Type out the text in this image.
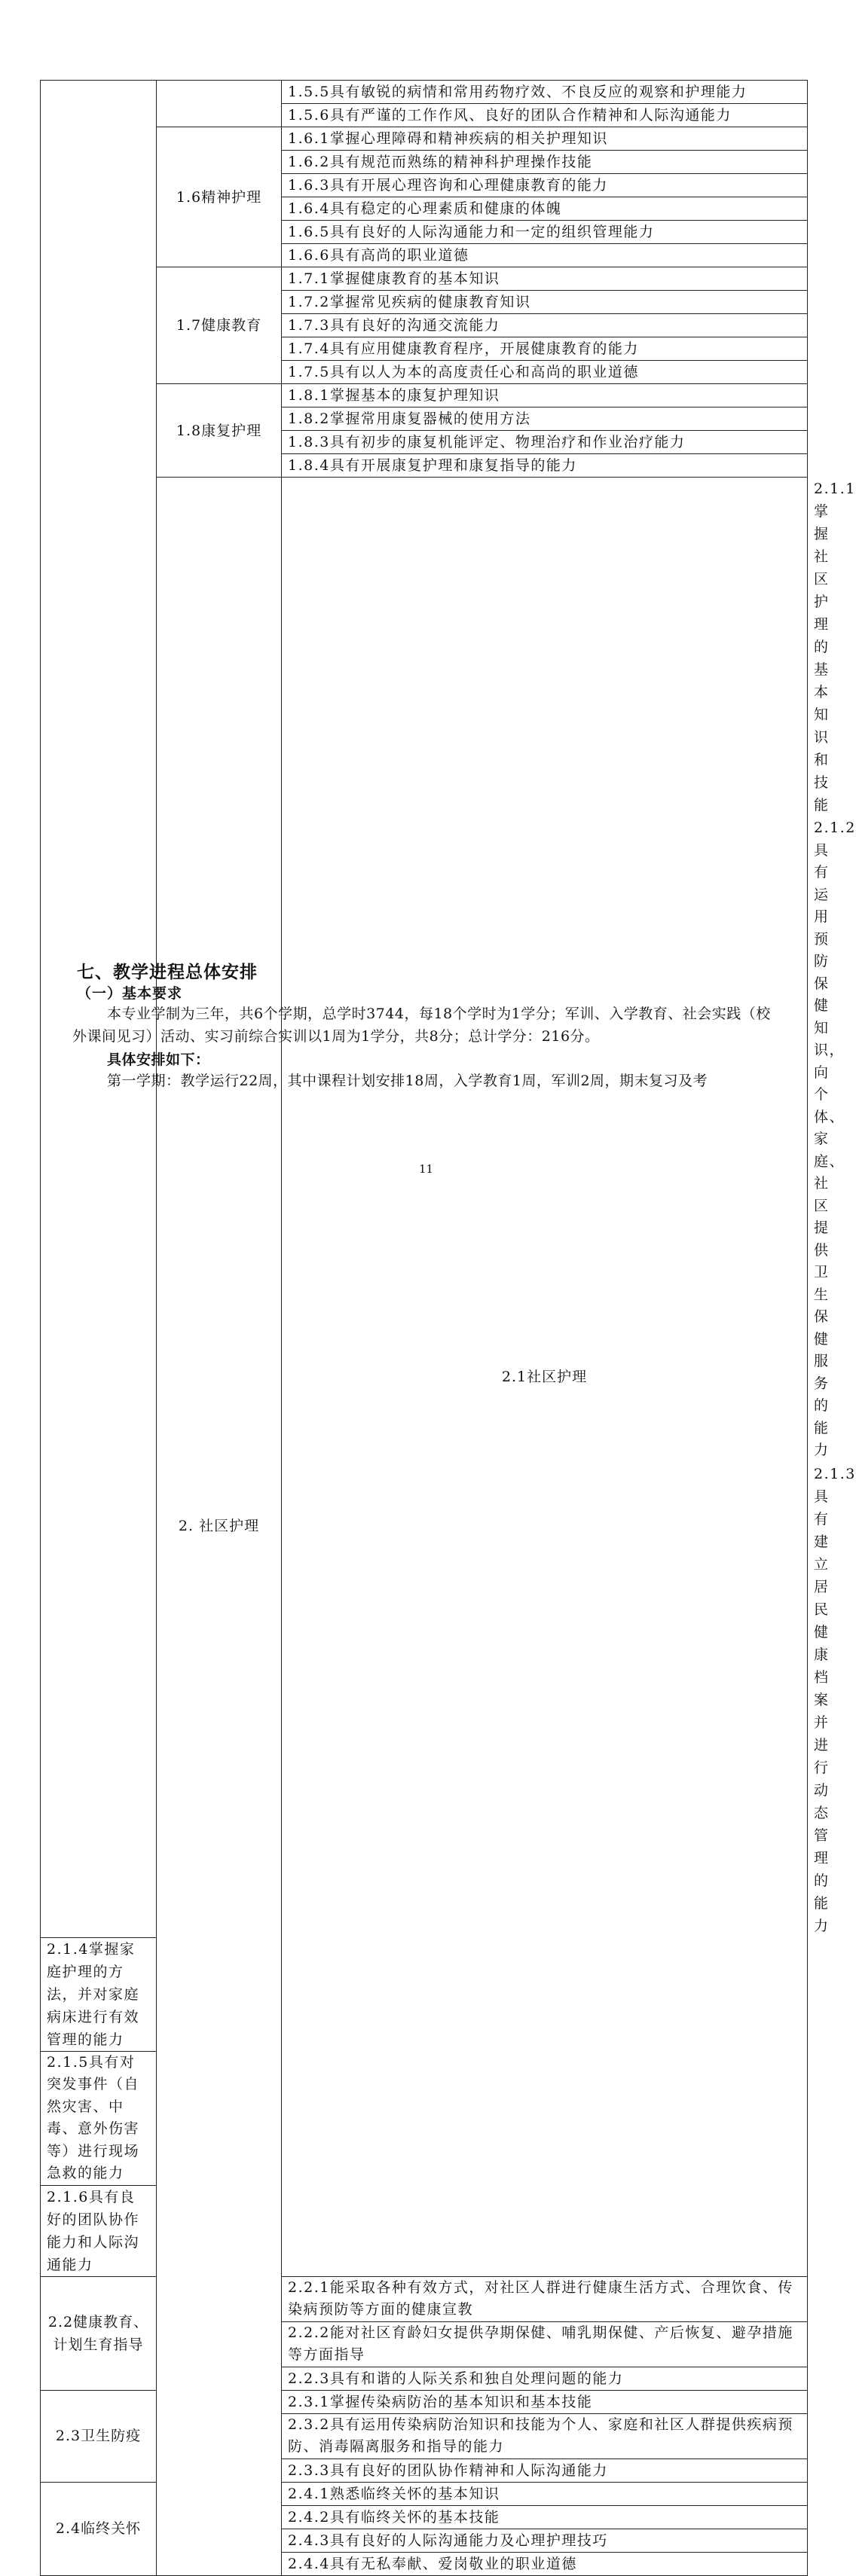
		1.5.5具有敏锐的病情和常用药物疗效、不良反应的观察和护理能力	
		1.5.6具有严谨的工作作风、良好的团队合作精神和人际沟通能力	
	1.6精神护理	1.6.1掌握心理障碍和精神疾病的相关护理知识	
		1.6.2具有规范而熟练的精神科护理操作技能	
		1.6.3具有开展心理咨询和心理健康教育的能力	
		1.6.4具有稳定的心理素质和健康的体魄	
		1.6.5具有良好的人际沟通能力和一定的组织管理能力	
		1.6.6具有高尚的职业道德	
	1.7健康教育	1.7.1掌握健康教育的基本知识	
		1.7.2掌握常见疾病的健康教育知识	
		1.7.3具有良好的沟通交流能力	
		1.7.4具有应用健康教育程序，开展健康教育的能力	
		1.7.5具有以人为本的高度责任心和高尚的职业道德	
	1.8康复护理	1.8.1掌握基本的康复护理知识	
		1.8.2掌握常用康复器械的使用方法	
		1.8.3具有初步的康复机能评定、物理治疗和作业治疗能力	
		1.8.4具有开展康复护理和康复指导的能力	
	2. 社区护理	2.1社区护理	2.1.1掌握社区护理的基本知识和技能
			2.1.2具有运用预防保健知识，向个体、家庭、社区提供卫生保健服务的能力
			2.1.3具有建立居民健康档案并进行动态管理的能力
2.1.4掌握家庭护理的方法，并对家庭病床进行有效管理的能力			
2.1.5具有对突发事件（自然灾害、中毒、意外伤害等）进行现场急救的能力			
2.1.6具有良好的团队协作能力和人际沟通能力			
2.2健康教育、计划生育指导		2.2.1能采取各种有效方式，对社区人群进行健康生活方式、合理饮食、传染病预防等方面的健康宣教	
		2.2.2能对社区育龄妇女提供孕期保健、哺乳期保健、产后恢复、避孕措施等方面指导	
		2.2.3具有和谐的人际关系和独自处理问题的能力	
2.3卫生防疫		2.3.1掌握传染病防治的基本知识和基本技能	
		2.3.2具有运用传染病防治知识和技能为个人、家庭和社区人群提供疾病预防、消毒隔离服务和指导的能力	
		2.3.3具有良好的团队协作精神和人际沟通能力	
2.4临终关怀		2.4.1熟悉临终关怀的基本知识	
		2.4.2具有临终关怀的基本技能	
		2.4.3具有良好的人际沟通能力及心理护理技巧	
		2.4.4具有无私奉献、爱岗敬业的职业道德	
七、教学进程总体安排
（一）基本要求
本专业学制为三年，共6个学期，总学时3744，每18个学时为1学分；军训、入学教育、社会实践（校外课间见习）活动、实习前综合实训以1周为1学分，共8分；总计学分：216分。
具体安排如下：
第一学期：教学运行22周，其中课程计划安排18周，入学教育1周，军训2周，期末复习及考
11
